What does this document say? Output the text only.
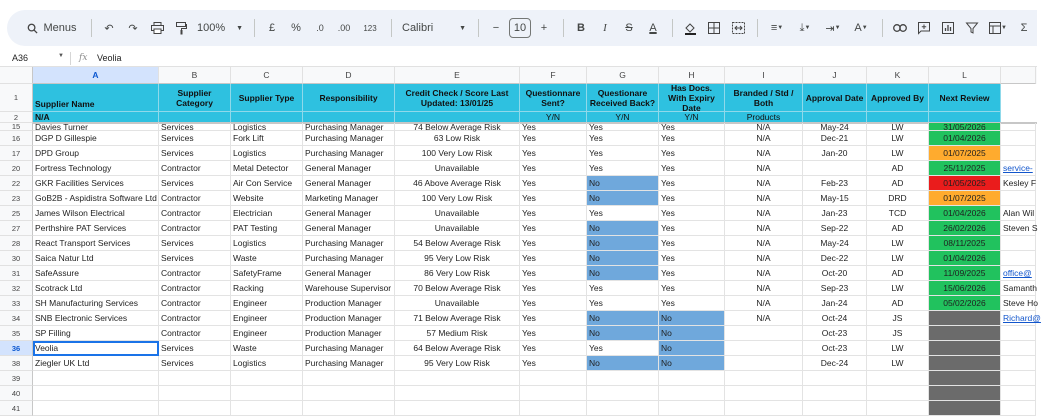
Menus	↶	↷	100% ▼	£	%	.0	.00	123	Calibri	▼	−	10	+	B	I	S	A	≡ ▼	⤓ ▼	⇥ ▼	A ▼	▼	Σ
A36	▼ fx	Veolia
A	B	C	D	E	F	G	H	I	J	K	L
1
Supplier Name
Supplier Category	Supplier Type	Responsibility	Credit Check / Score Last Updated: 13/01/25
Questionnare Sent?
Questionare Received Back?
Has Docs. With Expiry Date
Branded / Std / Both	Approval Date Approved By	Next Review
2	N/A	Y/N	Y/N	Y/N	Products
15	Davies Turner	Services	Logistics	Purchasing Manager	74 Below Average Risk	Yes	Yes	Yes	N/A	May-24	LW	31/05/2026
16	DGP D Gillespie	Services	Fork Lift	Purchasing Manager	63 Low Risk	Yes	Yes	Yes	N/A	Dec-21	LW	01/04/2026
17	DPD Group	Services	Logistics	Purchasing Manager	100 Very Low Risk	Yes	Yes	Yes	N/A	Jan-20	LW	01/07/2025
20	Fortress Technology	Contractor	Metal Detector	General Manager	Unavailable	Yes	Yes	Yes	N/A	AD	25/11/2025	service-
22	GKR Facilities Services	Services	Air Con Service	General Manager	46 Above Average Risk	Yes	No	Yes	N/A	Feb-23	AD	01/05/2025	Kesley F
23	GoB2B - Aspidistra Software Ltd Contractor	Website	Marketing Manager	100 Very Low Risk	Yes	No	Yes	N/A	May-15	DRD	01/07/2025
25	James Wilson Electrical	Contractor	Electrician	General Manager	Unavailable	Yes	Yes	Yes	N/A	Jan-23	TCD	01/04/2026	Alan Wil
27	Perthshire PAT Services	Contractor	PAT Testing	General Manager	Unavailable	Yes	No	Yes	N/A	Sep-22	AD	26/02/2026	Steven S
28	React Transport Services	Services	Logistics	Purchasing Manager	54 Below Average Risk	Yes	No	Yes	N/A	May-24	LW	08/11/2025
30	Saica Natur Ltd	Services	Waste	Purchasing Manager	95 Very Low Risk	Yes	No	Yes	N/A	Dec-22	LW	01/04/2026
31	SafeAssure	Contractor	SafetyFrame	General Manager	86 Very Low Risk	Yes	No	Yes	N/A	Oct-20	AD	11/09/2025	office@
32	Scotrack Ltd	Contractor	Racking	Warehouse Supervisor	70 Below Average Risk	Yes	Yes	Yes	N/A	Sep-23	LW	15/06/2026	Samanth
33	SH Manufacturing Services	Contractor	Engineer	Production Manager	Unavailable	Yes	Yes	Yes	N/A	Jan-24	AD	05/02/2026	Steve Ho
34	SNB Electronic Services	Contractor	Engineer	Production Manager	71 Below Average Risk	Yes	No	No	N/A	Oct-24	JS	Richard@
35	SP Filling	Contractor	Engineer	Production Manager	57 Medium Risk	Yes	No	No	Oct-23	JS
36	Veolia	Services	Waste	Purchasing Manager	64 Below Average Risk	Yes	Yes	No	Oct-23	LW
38	Ziegler UK Ltd	Services	Logistics	Purchasing Manager	95 Very Low Risk	Yes	No	No	Dec-24	LW
39
40
41
